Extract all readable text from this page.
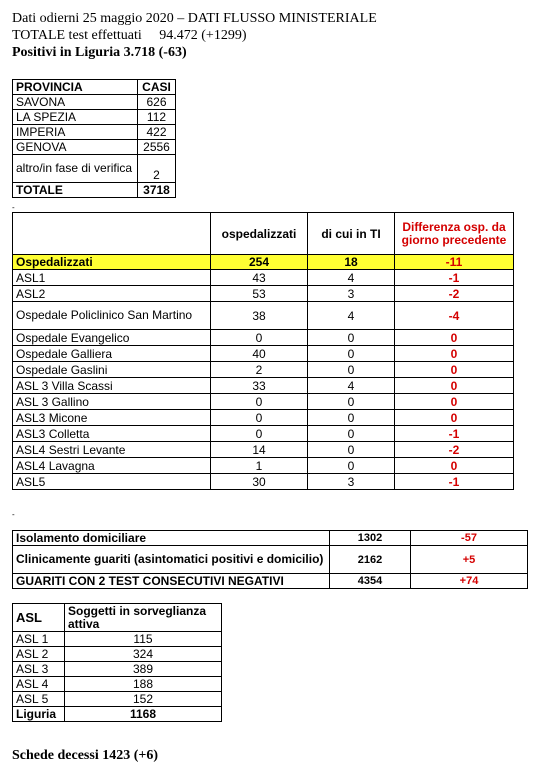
Dati odierni 25 maggio 2020 – DATI FLUSSO MINISTERIALE
TOTALE test effettuati     94.472 (+1299)
Positivi in Liguria 3.718 (-63)
PROVINCIA	CASI
SAVONA	626
LA SPEZIA	112
IMPERIA	422
GENOVA	2556
altro/in fase di verifica	2
TOTALE	3718
-
	ospedalizzati	di cui in TI	Differenza osp. da giorno precedente
Ospedalizzati	254	18	-11
ASL1	43	4	-1
ASL2	53	3	-2
Ospedale Policlinico San Martino	38	4	-4
Ospedale Evangelico	0	0	0
Ospedale Galliera	40	0	0
Ospedale Gaslini	2	0	0
ASL 3 Villa Scassi	33	4	0
ASL 3 Gallino	0	0	0
ASL3 Micone	0	0	0
ASL3 Colletta	0	0	-1
ASL4 Sestri Levante	14	0	-2
ASL4 Lavagna	1	0	0
ASL5	30	3	-1
-
Isolamento domiciliare	1302	-57
Clinicamente guariti (asintomatici positivi e domicilio)	2162	+5
GUARITI CON 2 TEST CONSECUTIVI NEGATIVI	4354	+74
ASL	Soggetti in sorveglianza attiva
ASL 1	115
ASL 2	324
ASL 3	389
ASL 4	188
ASL 5	152
Liguria	1168
Schede decessi 1423 (+6)
